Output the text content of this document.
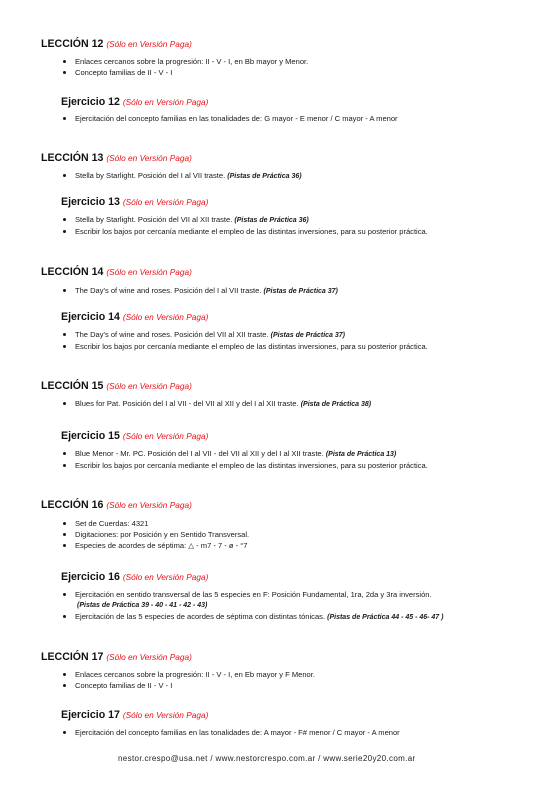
LECCIÓN 12 (Sólo en Versión Paga)
Enlaces cercanos sobre la progresión: II - V - I, en Bb mayor y Menor.
Concepto familias de II - V - I
Ejercicio 12 (Sólo en Versión Paga)
Ejercitación del concepto familias en las tonalidades de: G mayor - E menor / C mayor - A menor
LECCIÓN 13 (Sólo en Versión Paga)
Stella by Starlight. Posición del I al VII traste. (Pistas de Práctica 36)
Ejercicio 13 (Sólo en Versión Paga)
Stella by Starlight. Posición del VII al XII traste. (Pistas de Práctica 36)
Escribir los bajos por cercanía mediante el empleo de las distintas inversiones, para su posterior práctica.
LECCIÓN 14 (Sólo en Versión Paga)
The Day's of wine and roses. Posición del I al VII traste. (Pistas de Práctica 37)
Ejercicio 14 (Sólo en Versión Paga)
The Day's of wine and roses. Posición del VII al XII traste. (Pistas de Práctica 37)
Escribir los bajos por cercanía mediante el empleo de las distintas inversiones, para su posterior práctica.
LECCIÓN 15 (Sólo en Versión Paga)
Blues for Pat. Posición del I al VII - del VII al XII y del I al XII traste. (Pista de Práctica 38)
Ejercicio 15 (Sólo en Versión Paga)
Blue Menor - Mr. PC. Posición del I al VII - del VII al XII y del I al XII traste. (Pista de Práctica 13)
Escribir los bajos por cercanía mediante el empleo de las distintas inversiones, para su posterior práctica.
LECCIÓN 16 (Sólo en Versión Paga)
Set de Cuerdas: 4321
Digitaciones: por Posición y en Sentido Transversal.
Especies de acordes de séptima: △ - m7 - 7 - ø - °7
Ejercicio 16 (Sólo en Versión Paga)
Ejercitación en sentido transversal de las 5 especies en F: Posición Fundamental, 1ra, 2da y 3ra inversión.
(Pistas de Práctica 39 - 40 - 41 - 42 - 43)
Ejercitación de las 5 especies de acordes de séptima con distintas tónicas. (Pistas de Práctica 44 - 45 - 46- 47 )
LECCIÓN 17 (Sólo en Versión Paga)
Enlaces cercanos sobre la progresión: II - V - I, en Eb mayor y F Menor.
Concepto familias de II - V - I
Ejercicio 17 (Sólo en Versión Paga)
Ejercitación del concepto familias en las tonalidades de: A mayor - F# menor / C mayor - A menor
nestor.crespo@usa.net / www.nestorcrespo.com.ar / www.serie20y20.com.ar
